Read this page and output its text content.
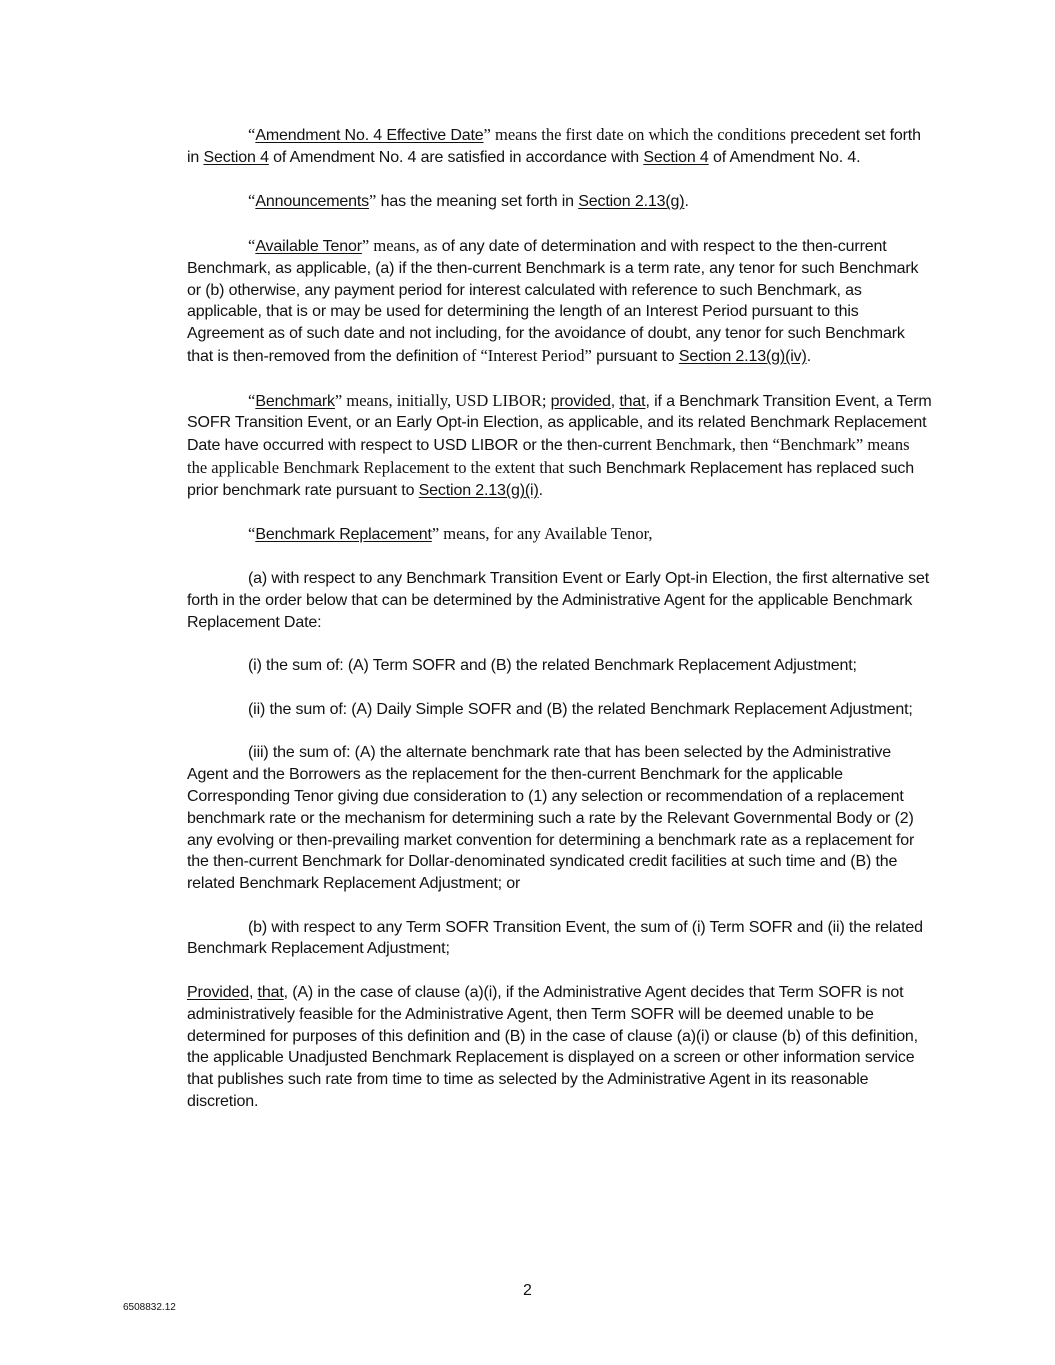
“Amendment No. 4 Effective Date” means the first date on which the conditions precedent set forth in Section 4 of Amendment No. 4 are satisfied in accordance with Section 4 of Amendment No. 4.

“Announcements” has the meaning set forth in Section 2.13(g).

“Available Tenor” means, as of any date of determination and with respect to the then-current Benchmark, as applicable, (a) if the then-current Benchmark is a term rate, any tenor for such Benchmark or (b) otherwise, any payment period for interest calculated with reference to such Benchmark, as applicable, that is or may be used for determining the length of an Interest Period pursuant to this Agreement as of such date and not including, for the avoidance of doubt, any tenor for such Benchmark that is then-removed from the definition of “Interest Period” pursuant to Section 2.13(g)(iv).

“Benchmark” means, initially, USD LIBOR; provided, that, if a Benchmark Transition Event, a Term SOFR Transition Event, or an Early Opt-in Election, as applicable, and its related Benchmark Replacement Date have occurred with respect to USD LIBOR or the then-current Benchmark, then “Benchmark” means the applicable Benchmark Replacement to the extent that such Benchmark Replacement has replaced such prior benchmark rate pursuant to Section 2.13(g)(i).

“Benchmark Replacement” means, for any Available Tenor,

(a) with respect to any Benchmark Transition Event or Early Opt-in Election, the first alternative set forth in the order below that can be determined by the Administrative Agent for the applicable Benchmark Replacement Date:

(i) the sum of: (A) Term SOFR and (B) the related Benchmark Replacement Adjustment;

(ii) the sum of: (A) Daily Simple SOFR and (B) the related Benchmark Replacement Adjustment;

(iii) the sum of: (A) the alternate benchmark rate that has been selected by the Administrative Agent and the Borrowers as the replacement for the then-current Benchmark for the applicable Corresponding Tenor giving due consideration to (1) any selection or recommendation of a replacement benchmark rate or the mechanism for determining such a rate by the Relevant Governmental Body or (2) any evolving or then-prevailing market convention for determining a benchmark rate as a replacement for the then-current Benchmark for Dollar-denominated syndicated credit facilities at such time and (B) the related Benchmark Replacement Adjustment; or

(b) with respect to any Term SOFR Transition Event, the sum of (i) Term SOFR and (ii) the related Benchmark Replacement Adjustment;

Provided, that, (A) in the case of clause (a)(i), if the Administrative Agent decides that Term SOFR is not administratively feasible for the Administrative Agent, then Term SOFR will be deemed unable to be determined for purposes of this definition and (B) in the case of clause (a)(i) or clause (b) of this definition, the applicable Unadjusted Benchmark Replacement is displayed on a screen or other information service that publishes such rate from time to time as selected by the Administrative Agent in its reasonable discretion.

2
6508832.12
